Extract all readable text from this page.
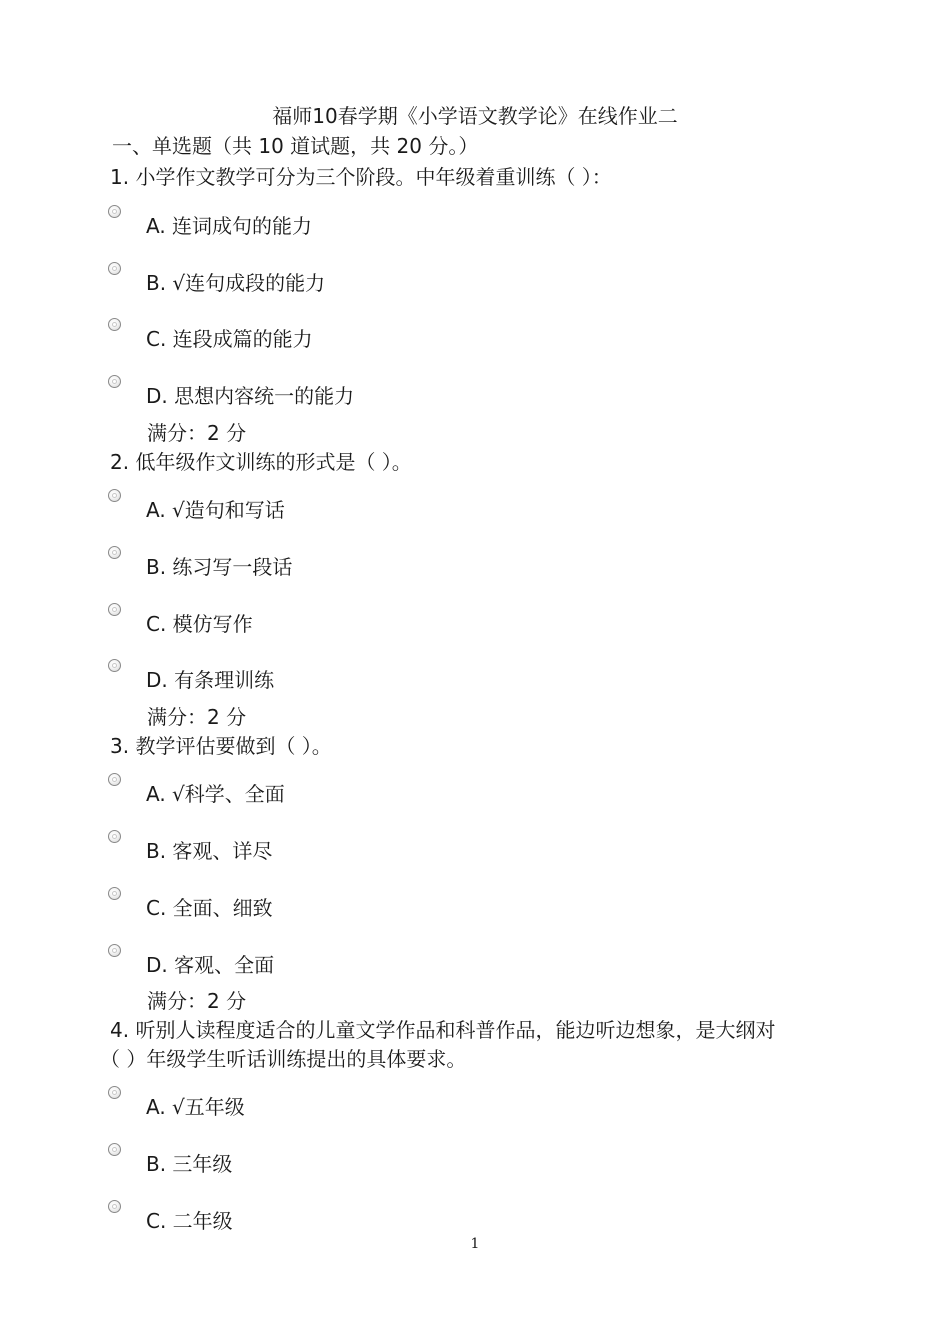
福师10春学期《小学语文教学论》在线作业二
一、单选题（共 10 道试题，共 20 分。）
1. 小学作文教学可分为三个阶段。中年级着重训练（ ）：
A. 连词成句的能力
B. √连句成段的能力
C. 连段成篇的能力
D. 思想内容统一的能力
满分：2 分
2. 低年级作文训练的形式是（ ）。
A. √造句和写话
B. 练习写一段话
C. 模仿写作
D. 有条理训练
满分：2 分
3. 教学评估要做到（ ）。
A. √科学、全面
B. 客观、详尽
C. 全面、细致
D. 客观、全面
满分：2 分
4. 听别人读程度适合的儿童文学作品和科普作品，能边听边想象，是大纲对
（ ）年级学生听话训练提出的具体要求。
A. √五年级
B. 三年级
C. 二年级
1
